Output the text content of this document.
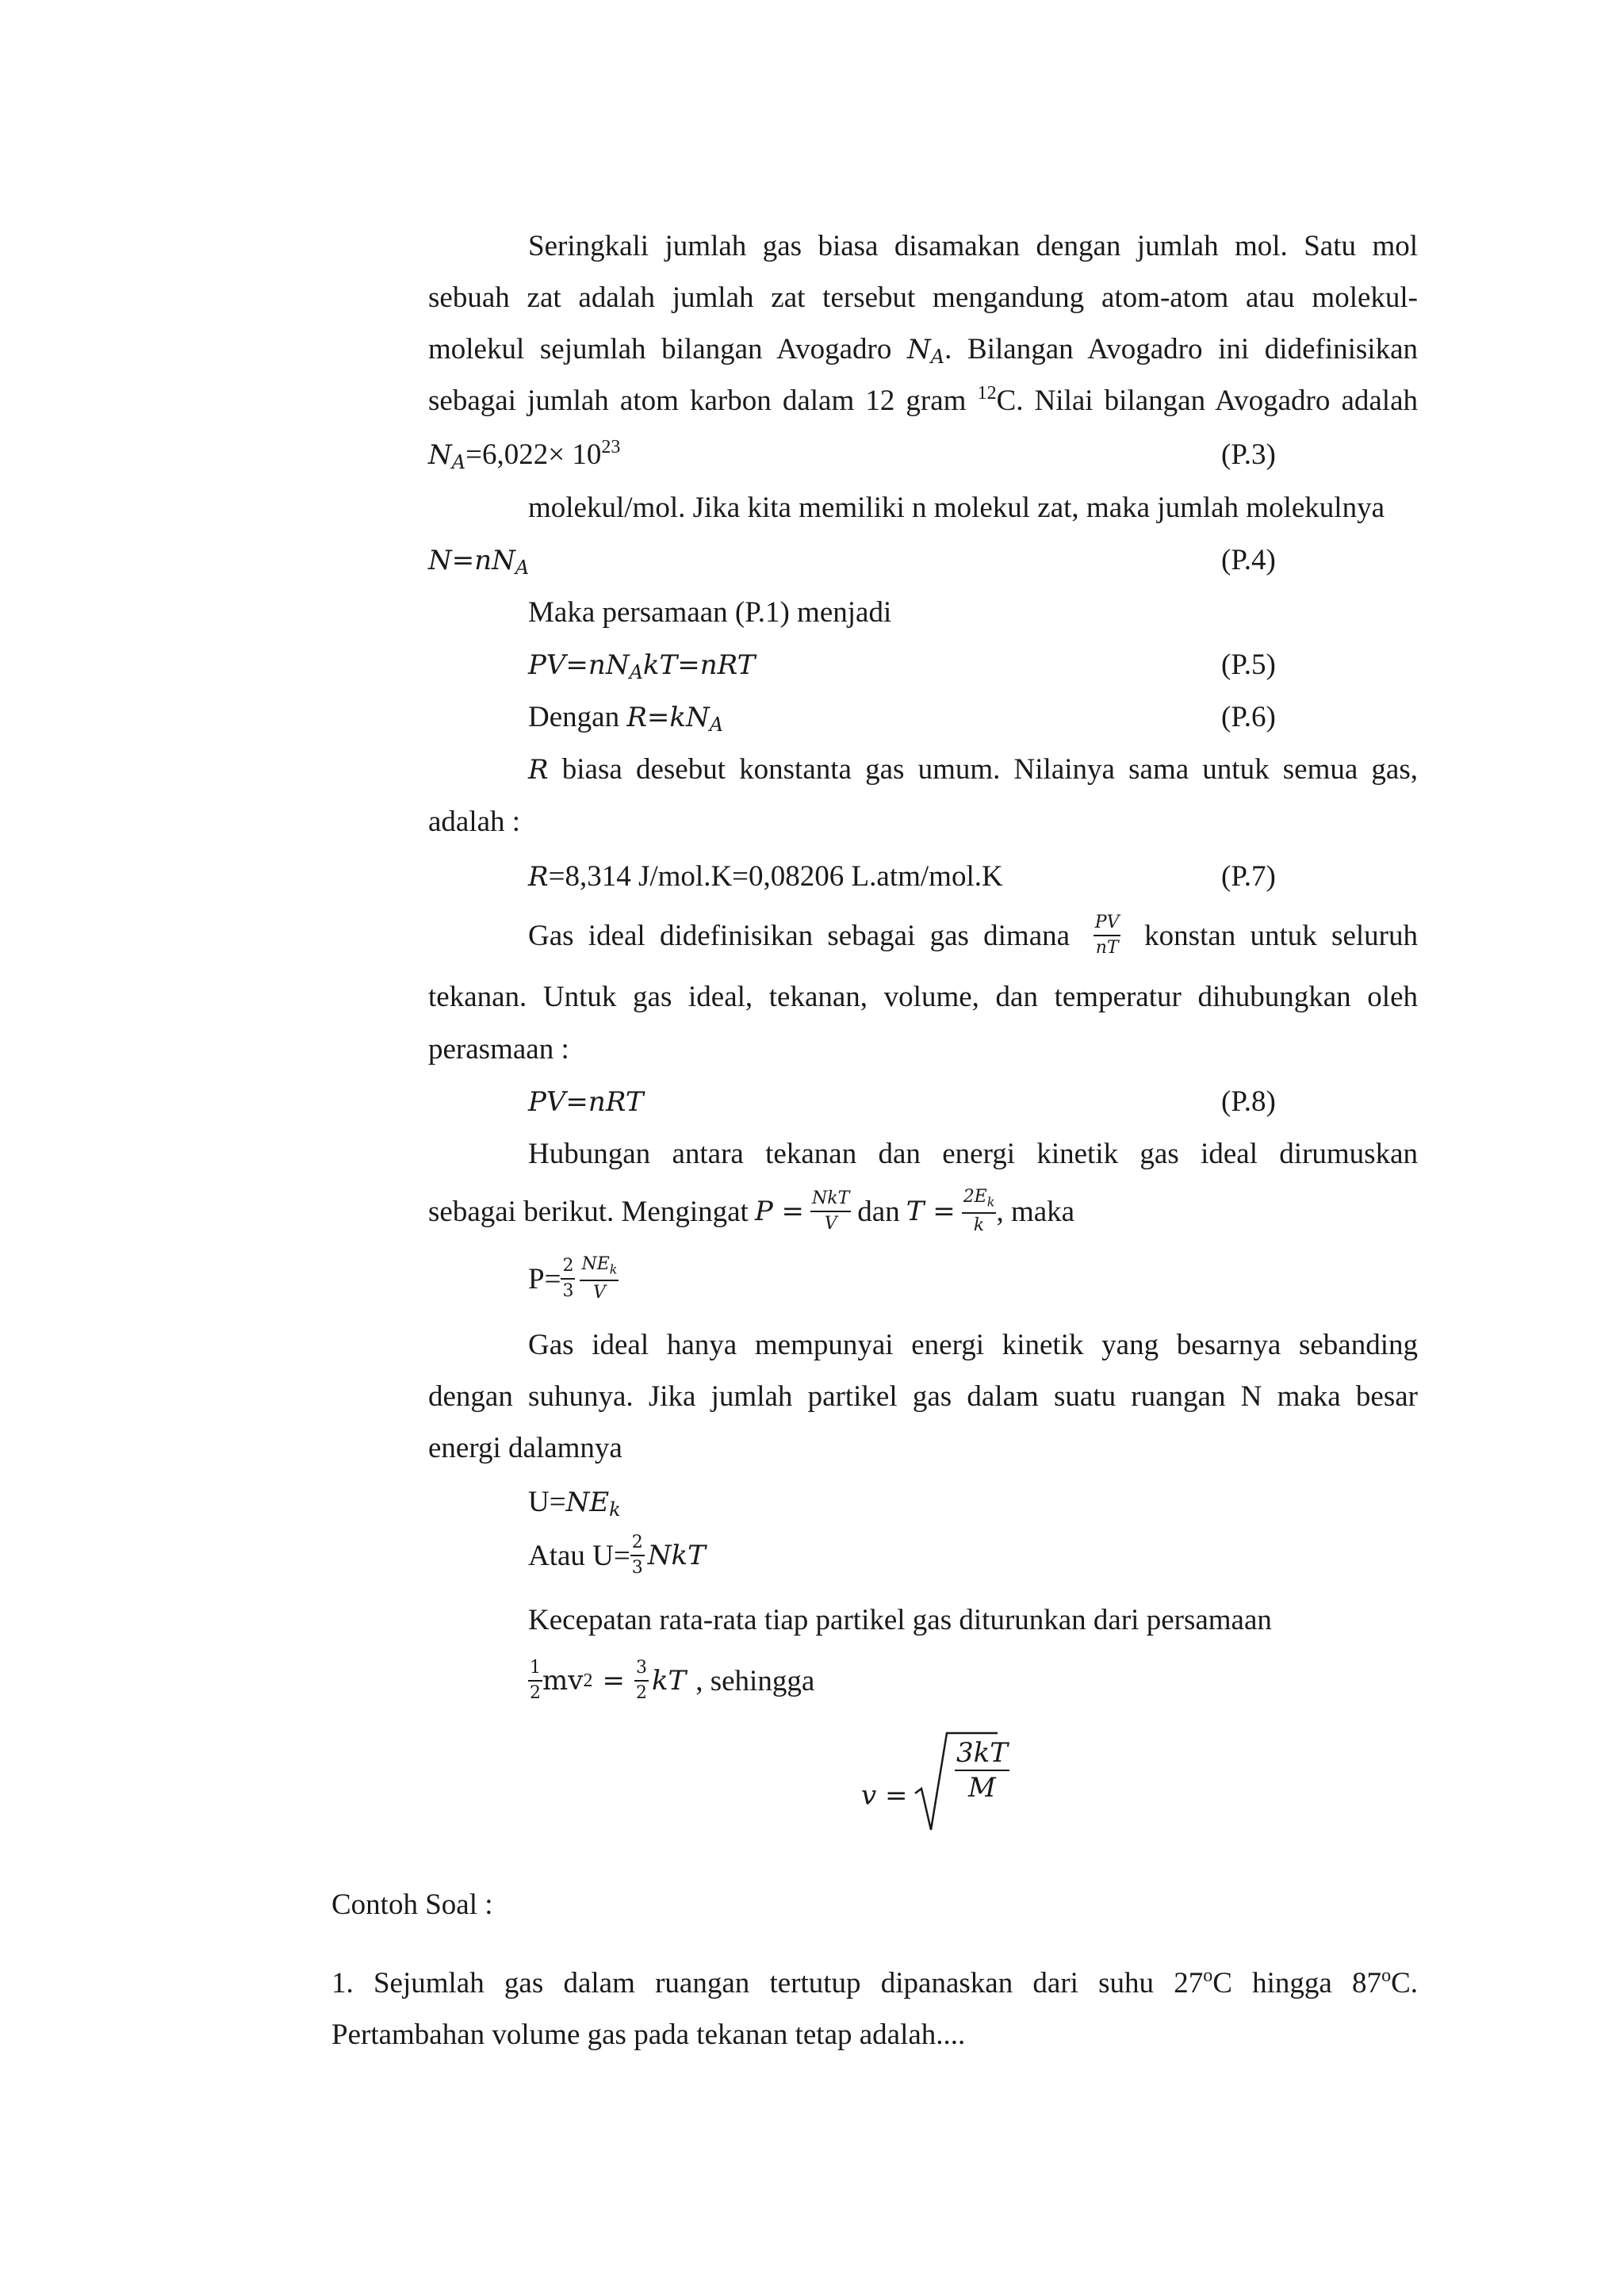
Seringkali jumlah gas biasa disamakan dengan jumlah mol. Satu mol
sebuah zat adalah jumlah zat tersebut mengandung atom-atom atau molekul-
molekul sejumlah bilangan Avogadro $N_A$. Bilangan Avogadro ini didefinisikan
sebagai jumlah atom karbon dalam 12 gram $^{12}$C. Nilai bilangan Avogadro adalah
$N_A=6,022\times 10^{23}$	(P.3)
molekul/mol. Jika kita memiliki n molekul zat, maka jumlah molekulnya
$N=nN_A$	(P.4)
Maka persamaan (P.1) menjadi
$PV=nN_AkT=nRT$	(P.5)
Dengan $R=kN_A$	(P.6)
R biasa desebut konstanta gas umum. Nilainya sama untuk semua gas,
adalah :
R=8,314 J/mol.K=0,08206 L.atm/mol.K	(P.7)
Gas ideal didefinisikan sebagai gas dimana $\frac{PV}{nT}$ konstan untuk seluruh
tekanan. Untuk gas ideal, tekanan, volume, dan temperatur dihubungkan oleh
perasmaan :
PV=nRT	(P.8)
Hubungan antara tekanan dan energi kinetik gas ideal dirumuskan
sebagai berikut. Mengingat $P = \frac{\text{NkT}}{V}$ dan $T = \frac{2E_k}{k}$ , maka
$P= \frac{2}{3} \frac{NE_k}{V}$
Gas ideal hanya mempunyai energi kinetik yang besarnya sebanding
dengan suhunya. Jika jumlah partikel gas dalam suatu ruangan N maka besar
energi dalamnya
$U=NE_k$
Atau $U= \frac{2}{3}$ NkT
Kecepatan rata-rata tiap partikel gas diturunkan dari persamaan
$\frac{1}{2}$ mv $2 = \frac{3}{2}$ kT , sehingga
$v = \frac{3kT}{M}$
Contoh Soal :
1. Sejumlah gas dalam ruangan tertutup dipanaskan dari suhu 27$^o$C hingga 87$^o$C.
Pertambahan volume gas pada tekanan tetap adalah....
